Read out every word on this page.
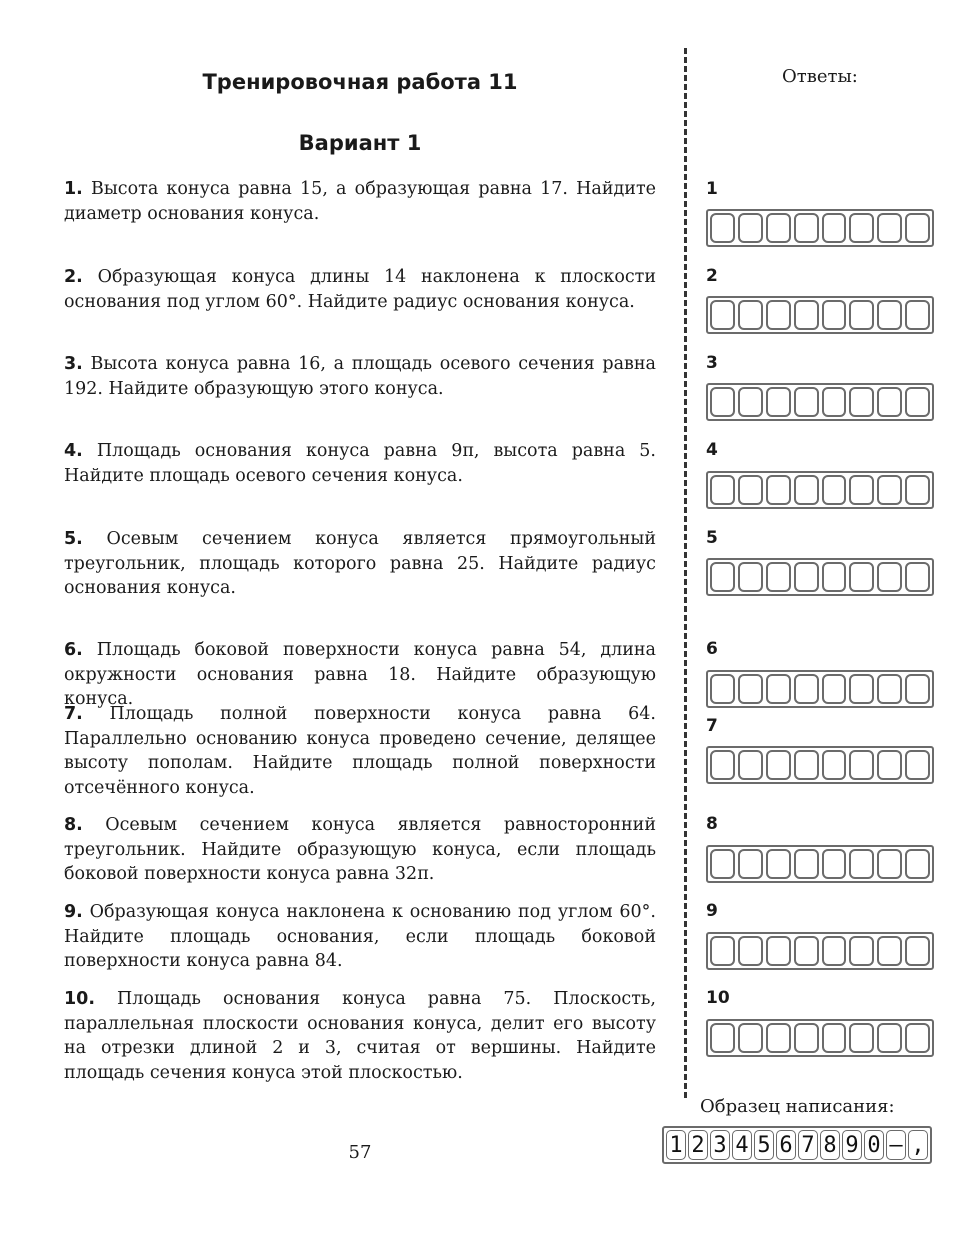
Тренировочная работа 11
Вариант 1

1. Высота конуса равна 15, а образующая равна 17. Найдите диаметр основания конуса.

2. Образующая конуса длины 14 наклонена к плоскости основания под углом 60°. Найдите радиус основания конуса.

3. Высота конуса равна 16, а площадь осевого сечения равна 192. Найдите образующую этого конуса.

4. Площадь основания конуса равна 9π, высота равна 5. Найдите площадь осевого сечения конуса.

5. Осевым сечением конуса является прямоугольный треугольник, площадь которого равна 25. Найдите радиус основания конуса.

6. Площадь боковой поверхности конуса равна 54, длина окружности основания равна 18. Найдите образующую конуса.

7. Площадь полной поверхности конуса равна 64. Параллельно основанию конуса проведено сечение, делящее высоту пополам. Найдите площадь полной поверхности отсечённого конуса.

8. Осевым сечением конуса является равносторонний треугольник. Найдите образующую конуса, если площадь боковой поверхности конуса равна 32π.

9. Образующая конуса наклонена к основанию под углом 60°. Найдите площадь основания, если площадь боковой поверхности конуса равна 84.

10. Площадь основания конуса равна 75. Плоскость, параллельная плоскости основания конуса, делит его высоту на отрезки длиной 2 и 3, считая от вершины. Найдите площадь сечения конуса этой плоскостью.

Ответы:
1
2
3
4
5
6
7
8
9
10
Образец написания:
1 2 3 4 5 6 7 8 9 0 – ,
57
